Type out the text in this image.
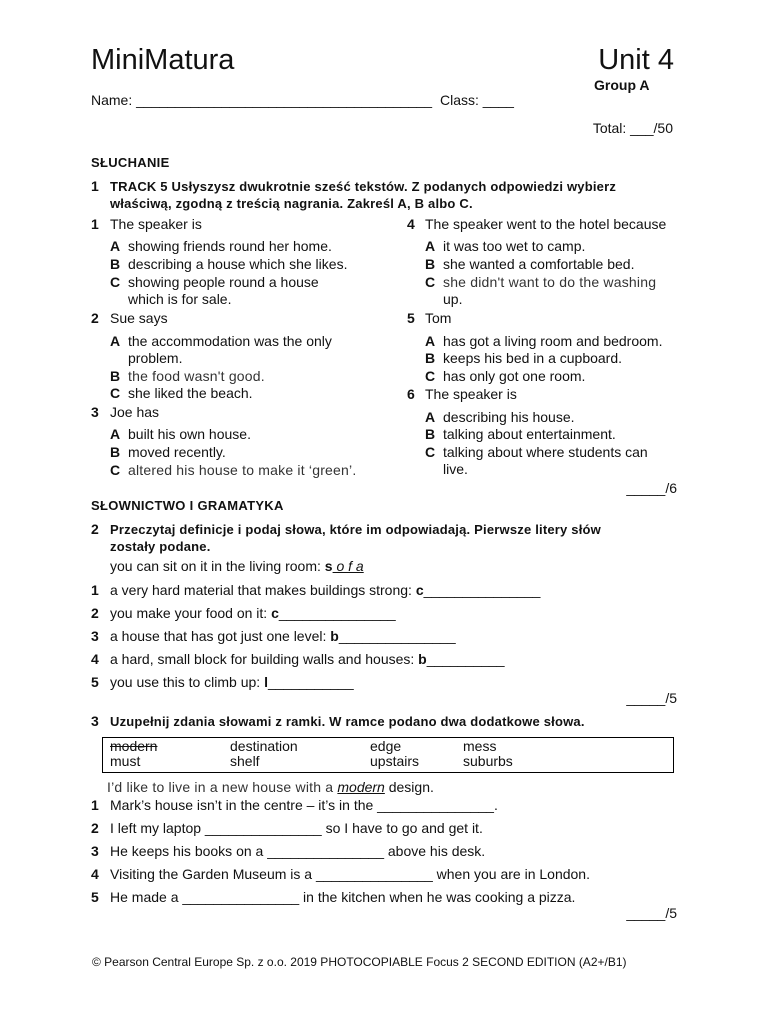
MiniMatura	Unit 4
Group A
Name: ______________________________________ Class: ____
Total: ___/50
SŁUCHANIE
1 TRACK 5 Usłyszysz dwukrotnie sześć tekstów. Z podanych odpowiedzi wybierz
właściwą, zgodną z treścią nagrania. Zakreśl A, B albo C.
1 The speaker is
A showing friends round her home.
B describing a house which she likes.
C showing people round a house
which is for sale.
2 Sue says
A the accommodation was the only
problem.
B the food wasn't good.
C she liked the beach.
3 Joe has
A built his own house.
B moved recently.
C altered his house to make it ‘green’.
4 The speaker went to the hotel because
A it was too wet to camp.
B she wanted a comfortable bed.
C she didn't want to do the washing
up.
5 Tom
A has got a living room and bedroom.
B keeps his bed in a cupboard.
C has only got one room.
6 The speaker is
A describing his house.
B talking about entertainment.
C talking about where students can
live.
_____/6
SŁOWNICTWO I GRAMATYKA
2 Przeczytaj definicje i podaj słowa, które im odpowiadają. Pierwsze litery słów
zostały podane.
you can sit on it in the living room: s o f a
1 a very hard material that makes buildings strong: c_______________
2 you make your food on it: c_______________
3 a house that has got just one level: b_______________
4 a hard, small block for building walls and houses: b__________
5 you use this to climb up: l___________
_____/5
3 Uzupełnij zdania słowami z ramki. W ramce podano dwa dodatkowe słowa.
modern	destination	edge	mess
must	shelf	upstairs	suburbs
I’d like to live in a new house with a modern design.
1 Mark’s house isn’t in the centre – it’s in the _______________.
2 I left my laptop _______________ so I have to go and get it.
3 He keeps his books on a _______________ above his desk.
4 Visiting the Garden Museum is a _______________ when you are in London.
5 He made a _______________ in the kitchen when he was cooking a pizza.
_____/5
© Pearson Central Europe Sp. z o.o. 2019 PHOTOCOPIABLE Focus 2 SECOND EDITION (A2+/B1)
